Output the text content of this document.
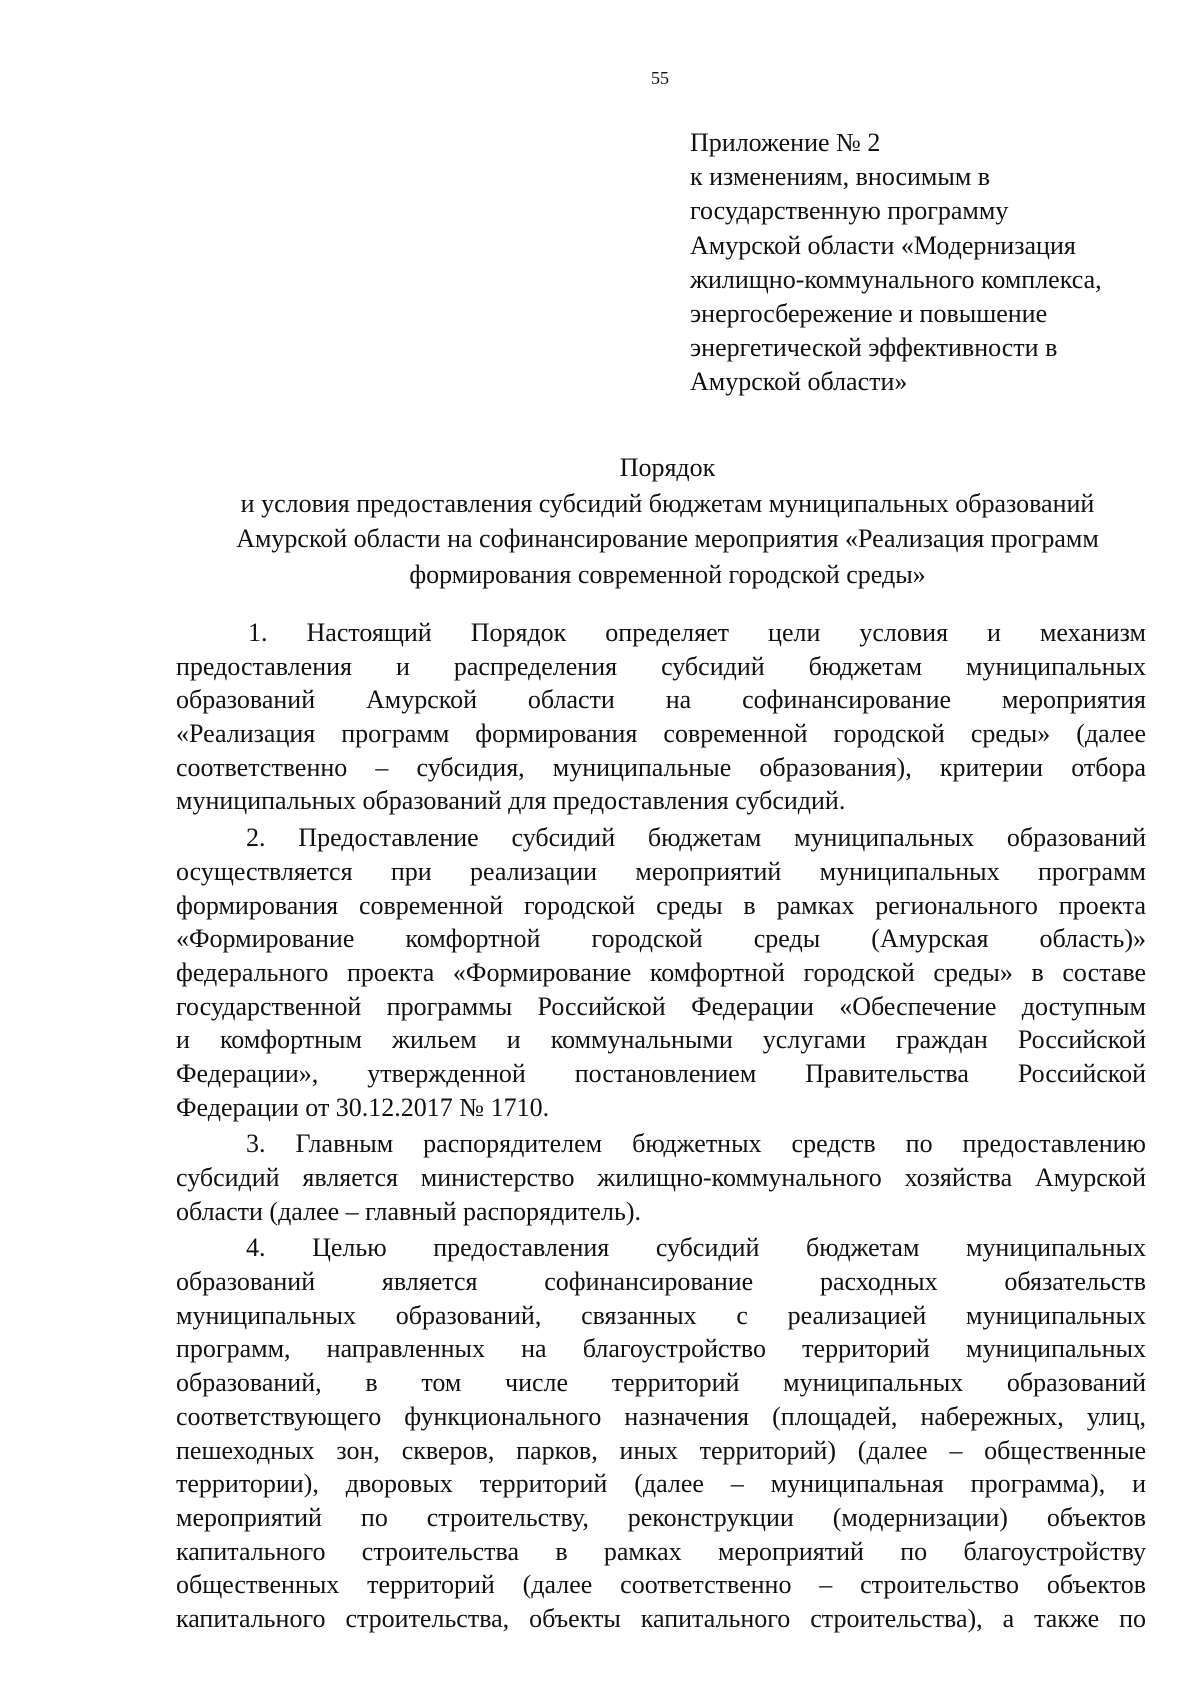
55
Приложение № 2
к изменениям, вносимым в
государственную программу
Амурской области «Модернизация
жилищно-коммунального комплекса,
энергосбережение и повышение
энергетической эффективности в
Амурской области»
Порядок
и условия предоставления субсидий бюджетам муниципальных образований
Амурской области на софинансирование мероприятия «Реализация программ
формирования современной городской среды»
1. Настоящий Порядок определяет цели условия и механизм
предоставления и распределения субсидий бюджетам муниципальных
образований Амурской области на софинансирование мероприятия
«Реализация программ формирования современной городской среды» (далее
соответственно – субсидия, муниципальные образования), критерии отбора
муниципальных образований для предоставления субсидий.
2. Предоставление субсидий бюджетам муниципальных образований
осуществляется при реализации мероприятий муниципальных программ
формирования современной городской среды в рамках регионального проекта
«Формирование комфортной городской среды (Амурская область)»
федерального проекта «Формирование комфортной городской среды» в составе
государственной программы Российской Федерации «Обеспечение доступным
и комфортным жильем и коммунальными услугами граждан Российской
Федерации», утвержденной постановлением Правительства Российской
Федерации от 30.12.2017 № 1710.
3. Главным распорядителем бюджетных средств по предоставлению
субсидий является министерство жилищно-коммунального хозяйства Амурской
области (далее – главный распорядитель).
4. Целью предоставления субсидий бюджетам муниципальных
образований является софинансирование расходных обязательств
муниципальных образований, связанных с реализацией муниципальных
программ, направленных на благоустройство территорий муниципальных
образований, в том числе территорий муниципальных образований
соответствующего функционального назначения (площадей, набережных, улиц,
пешеходных зон, скверов, парков, иных территорий) (далее – общественные
территории), дворовых территорий (далее – муниципальная программа), и
мероприятий по строительству, реконструкции (модернизации) объектов
капитального строительства в рамках мероприятий по благоустройству
общественных территорий (далее соответственно – строительство объектов
капитального строительства, объекты капитального строительства), а также по
